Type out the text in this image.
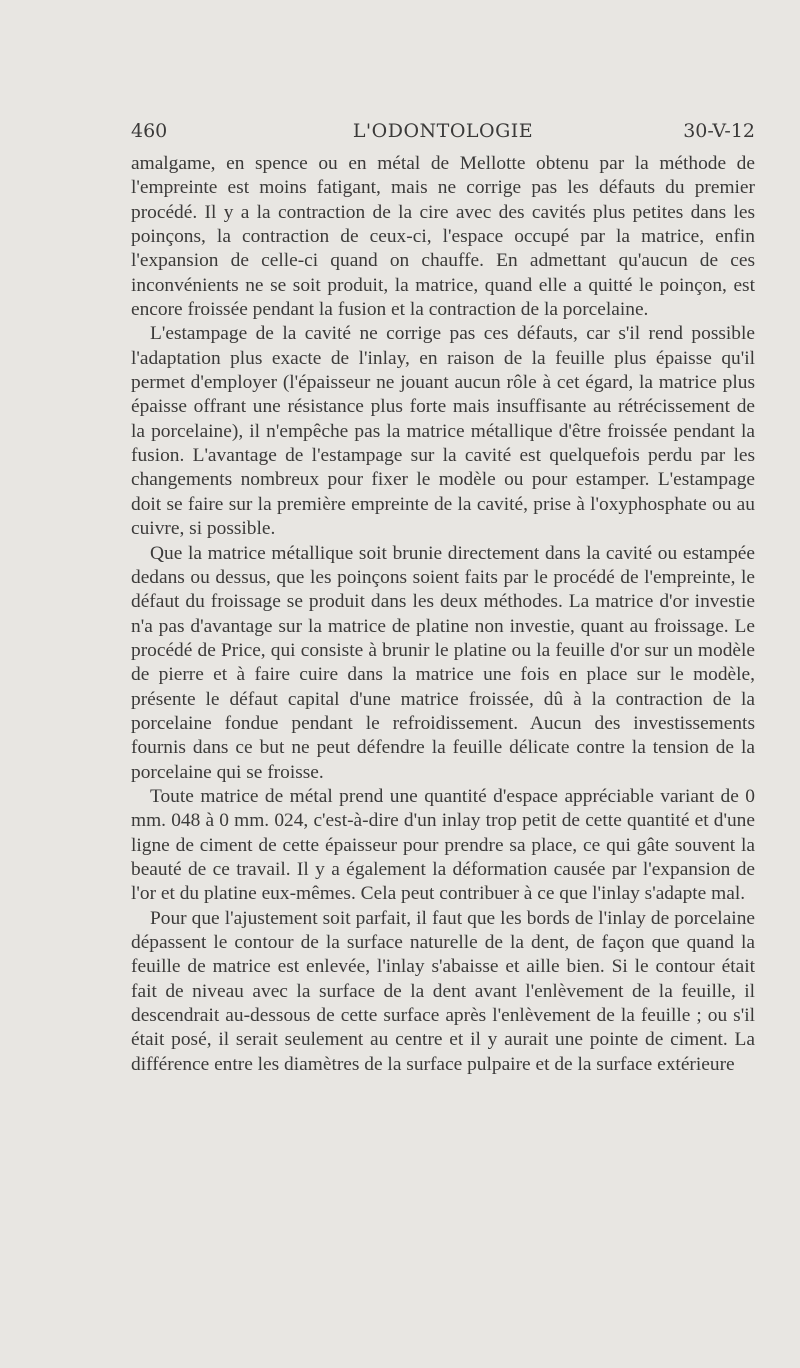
460	L'ODONTOLOGIE	30-V-12

amalgame, en spence ou en métal de Mellotte obtenu par la méthode de l'empreinte est moins fatigant, mais ne corrige pas les défauts du premier procédé. Il y a la contraction de la cire avec des cavités plus petites dans les poinçons, la contraction de ceux-ci, l'espace occupé par la matrice, enfin l'expansion de celle-ci quand on chauffe. En admettant qu'aucun de ces inconvénients ne se soit produit, la matrice, quand elle a quitté le poinçon, est encore froissée pendant la fusion et la contraction de la porcelaine.

L'estampage de la cavité ne corrige pas ces défauts, car s'il rend possible l'adaptation plus exacte de l'inlay, en raison de la feuille plus épaisse qu'il permet d'employer (l'épaisseur ne jouant aucun rôle à cet égard, la matrice plus épaisse offrant une résistance plus forte mais insuffisante au rétrécissement de la porcelaine), il n'empêche pas la matrice métallique d'être froissée pendant la fusion. L'avantage de l'estampage sur la cavité est quelquefois perdu par les changements nombreux pour fixer le modèle ou pour estamper. L'estampage doit se faire sur la première empreinte de la cavité, prise à l'oxyphosphate ou au cuivre, si possible.

Que la matrice métallique soit brunie directement dans la cavité ou estampée dedans ou dessus, que les poinçons soient faits par le procédé de l'empreinte, le défaut du froissage se produit dans les deux méthodes. La matrice d'or investie n'a pas d'avantage sur la matrice de platine non investie, quant au froissage. Le procédé de Price, qui consiste à brunir le platine ou la feuille d'or sur un modèle de pierre et à faire cuire dans la matrice une fois en place sur le modèle, présente le défaut capital d'une matrice froissée, dû à la contraction de la porcelaine fondue pendant le refroidissement. Aucun des investissements fournis dans ce but ne peut défendre la feuille délicate contre la tension de la porcelaine qui se froisse.

Toute matrice de métal prend une quantité d'espace appréciable variant de 0 mm. 048 à 0 mm. 024, c'est-à-dire d'un inlay trop petit de cette quantité et d'une ligne de ciment de cette épaisseur pour prendre sa place, ce qui gâte souvent la beauté de ce travail. Il y a également la déformation causée par l'expansion de l'or et du platine eux-mêmes. Cela peut contribuer à ce que l'inlay s'adapte mal.

Pour que l'ajustement soit parfait, il faut que les bords de l'inlay de porcelaine dépassent le contour de la surface naturelle de la dent, de façon que quand la feuille de matrice est enlevée, l'inlay s'abaisse et aille bien. Si le contour était fait de niveau avec la surface de la dent avant l'enlèvement de la feuille, il descendrait au-dessous de cette surface après l'enlèvement de la feuille ; ou s'il était posé, il serait seulement au centre et il y aurait une pointe de ciment. La différence entre les diamètres de la surface pulpaire et de la surface extérieure
